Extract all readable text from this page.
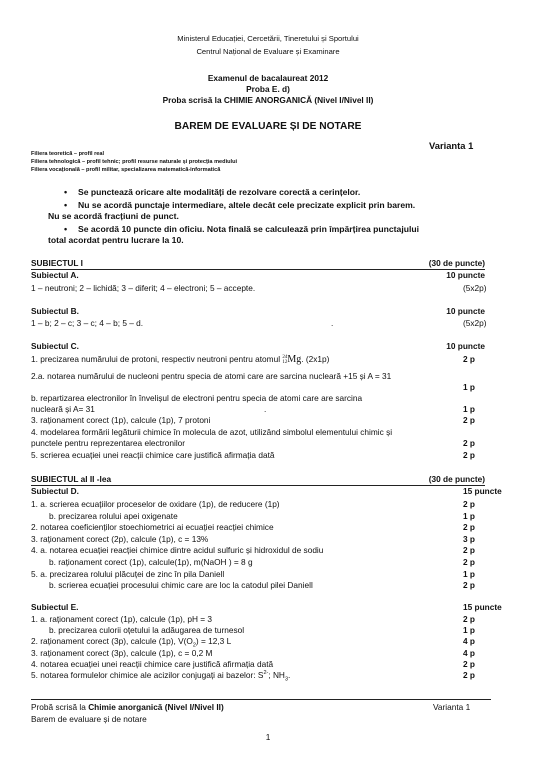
Ministerul Educației, Cercetării, Tineretului și Sportului
Centrul Național de Evaluare și Examinare
Examenul de bacalaureat 2012
Proba E. d)
Proba scrisă la CHIMIE ANORGANICĂ (Nivel I/Nivel II)
BAREM DE EVALUARE ȘI DE NOTARE
Varianta 1
Filiera teoretică – profil real
Filiera tehnologică – profil tehnic; profil resurse naturale și protecția mediului
Filiera vocațională – profil militar, specializarea matematică-informatică
• Se punctează oricare alte modalități de rezolvare corectă a cerințelor.
• Nu se acordă punctaje intermediare, altele decât cele precizate explicit prin barem.
Nu se acordă fracțiuni de punct.
• Se acordă 10 puncte din oficiu. Nota finală se calculează prin împărțirea punctajului
total acordat pentru lucrare la 10.
SUBIECTUL I	(30 de puncte)
Subiectul A.	10 puncte
1 – neutroni; 2 – lichidă; 3 – diferit; 4 – electroni; 5 – accepte.	(5x2p)
Subiectul B.	10 puncte
1 – b; 2 – c; 3 – c; 4 – b; 5 – d.	.	(5x2p)
Subiectul C.	10 puncte
1. precizarea numărului de protoni, respectiv neutroni pentru atomul 24
12Mg. (2x1p)	2 p
2.a. notarea numărului de nucleoni pentru specia de atomi care are sarcina nucleară +15 și A = 31
1 p
b. repartizarea electronilor în învelișul de electroni pentru specia de atomi care are sarcina
nucleară și A= 31	.	1 p
3. raționament corect (1p), calcule (1p), 7 protoni	2 p
4. modelarea formării legăturii chimice în molecula de azot, utilizând simbolul elementului chimic și
punctele pentru reprezentarea electronilor	2 p
5. scrierea ecuației unei reacții chimice care justifică afirmația dată	2 p
SUBIECTUL al II -lea	(30 de puncte)
Subiectul D.	15 puncte
1. a. scrierea ecuațiilor proceselor de oxidare (1p), de reducere (1p)	2 p
b. precizarea rolului apei oxigenate	1 p
2. notarea coeficienților stoechiometrici ai ecuației reacției chimice	2 p
3. raționament corect (2p), calcule (1p), c = 13%	3 p
4. a. notarea ecuației reacției chimice dintre acidul sulfuric și hidroxidul de sodiu	2 p
b. raționament corect (1p), calcule(1p), m(NaOH ) = 8 g	2 p
5. a. precizarea rolului plăcuței de zinc în pila Daniell	1 p
b. scrierea ecuației procesului chimic care are loc la catodul pilei Daniell	2 p
Subiectul E.	15 puncte
1. a. raționament corect (1p), calcule (1p), pH = 3	2 p
b. precizarea culorii oțetului la adăugarea de turnesol	1 p
2. raționament corect (3p), calcule (1p), $V(O_2) = 12,3$ L	4 p
3. raționament corect (3p), calcule (1p), c = 0,2 M	4 p
4. notarea ecuației unei reacții chimice care justifică afirmația dată	2 p
5. notarea formulelor chimice ale acizilor conjugați ai bazelor: $S^{2-}$; $NH_3$.	2 p
Probă scrisă la Chimie anorganică (Nivel I/Nivel II)	Varianta 1
Barem de evaluare și de notare
1
